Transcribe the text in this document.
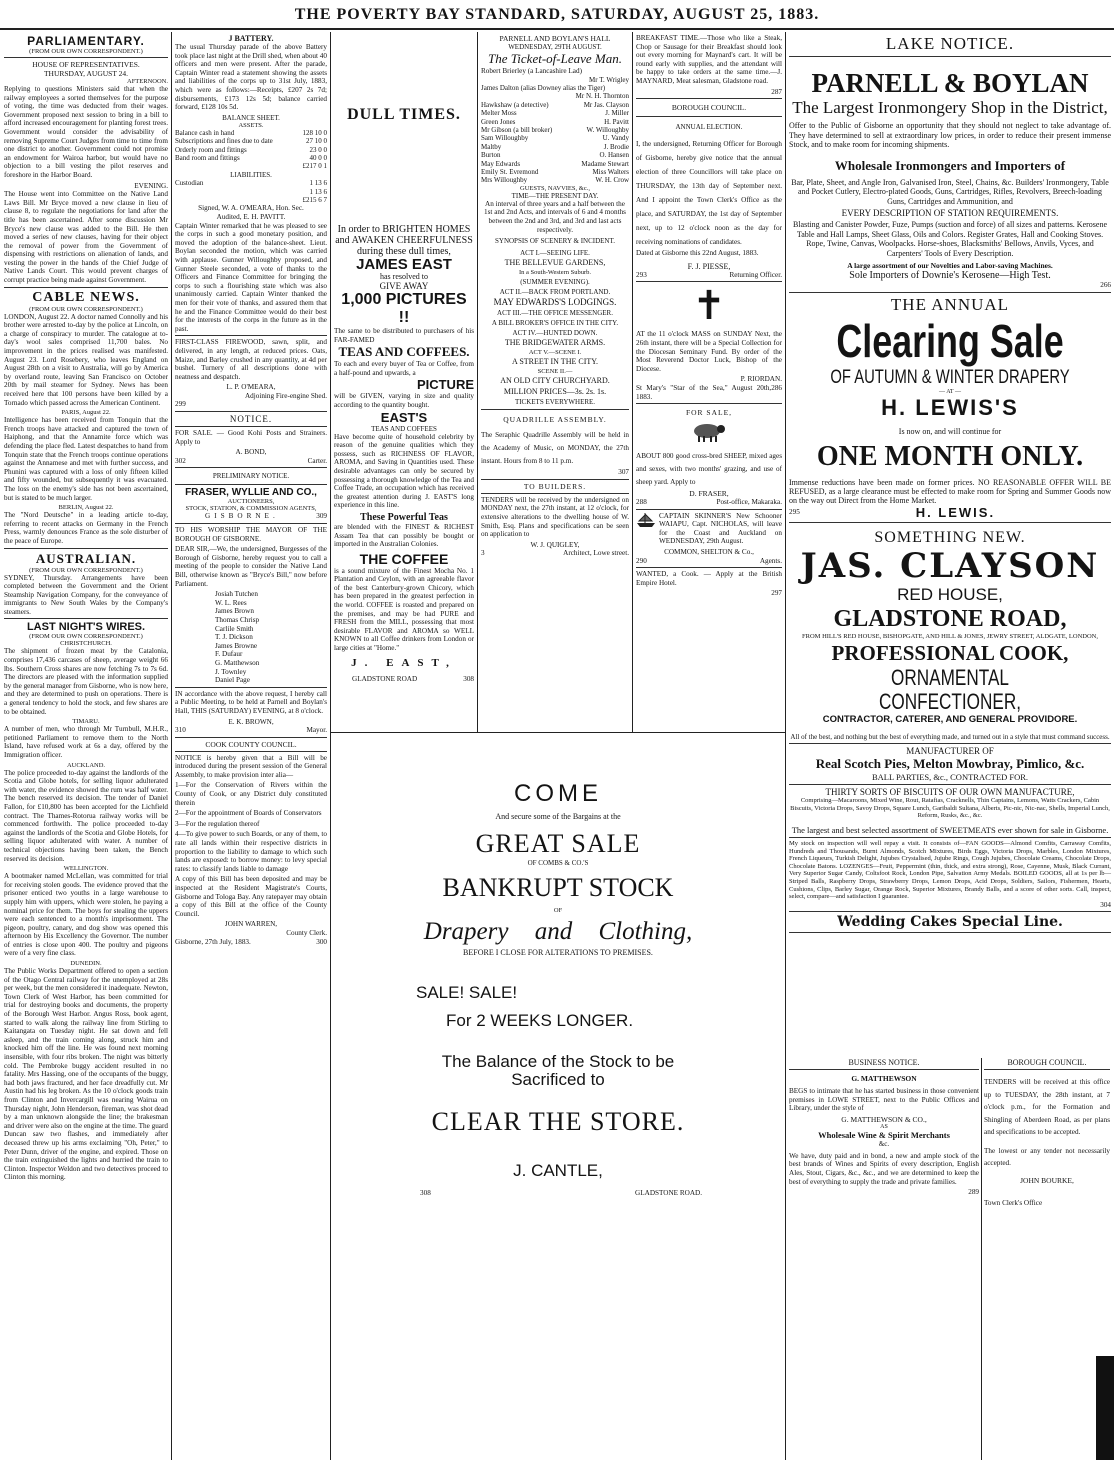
THE POVERTY BAY STANDARD, SATURDAY, AUGUST 25, 1883.
PARLIAMENTARY.
(FROM OUR OWN CORRESPONDENT.)
HOUSE OF REPRESENTATIVES.
THURSDAY, AUGUST 24.
AFTERNOON.
Replying to questions Ministers said that when the railway employees a sorted themselves for the purpose of voting, the time was deducted from their wages. Government proposed next session to bring in a bill to afford increased encouragement for planting forest trees. Government would consider the advisability of removing Supreme Court Judges from time to time from one district to another. Government could not promise an endowment for Wairoa harbor, but would have no objection to a bill vesting the pilot reserves and foreshore in the Harbor Board.
EVENING.
The House went into Committee on the Native Land Laws Bill. Mr Bryce moved a new clause in lieu of clause 8, to regulate the negotiations for land after the title has been ascertained. After some discussion Mr Bryce's new clause was added to the Bill. He then moved a series of new clauses, having for their object the removal of power from the Government of dispensing with restrictions on alienation of lands, and vesting the power in the hands of the Chief Judge of Native Lands Court. This would prevent charges of corrupt practice being made against Government.
CABLE NEWS.
(FROM OUR OWN CORRESPONDENT.)
LONDON, August 22. A doctor named Connolly and his brother were arrested to-day by the police at Lincoln, on a charge of conspiracy to murder. The catalogue at to-day's wool sales comprised 11,700 bales. No improvement in the prices realised was manifested. August 23. Lord Rosebery, who leaves England on August 28th on a visit to Australia, will go by America by overland route, leaving San Francisco on October 20th by mail steamer for Sydney. News has been received here that 100 persons have been killed by a Tornado which passed across the American Continent.
PARIS, August 22.
Intelligence has been received from Tonquin that the French troops have attacked and captured the town of Haiphong, and that the Annamite force which was defending the place fled. Latest despatches to hand from Tonquin state that the French troops continue operations against the Annamese and met with further success, and Phunini was captured with a loss of only fifteen killed and fifty wounded, but subsequently it was evacuated. The loss on the enemy's side has not been ascertained, but is stated to be much larger.
BERLIN, August 22.
The "Nord Deutsche" in a leading article to-day, referring to recent attacks on Germany in the French Press, warmly denounces France as the sole disturber of the peace of Europe.
AUSTRALIAN.
(FROM OUR OWN CORRESPONDENT.)
SYDNEY, Thursday. Arrangements have been completed between the Government and the Orient Steamship Navigation Company, for the conveyance of immigrants to New South Wales by the Company's steamers.
LAST NIGHT'S WIRES.
(FROM OUR OWN CORRESPONDENT.)
CHRISTCHURCH.
The shipment of frozen meat by the Catalonia, comprises 17,436 carcases of sheep, average weight 66 lbs. Southern Cross shares are now fetching 7s to 7s 6d. The directors are pleased with the information supplied by the general manager from Gisborne, who is now here, and they are determined to push on operations. There is a general tendency to hold the stock, and few shares are to be obtained.
TIMARU.
A number of men, who through Mr Turnbull, M.H.R., petitioned Parliament to remove them to the North Island, have refused work at 6s a day, offered by the Immigration officer.
AUCKLAND.
The police proceeded to-day against the landlords of the Scotia and Globe hotels, for selling liquor adulterated with water, the evidence showed the rum was half water. The bench reserved its decision. The tender of Daniel Fallon, for £10,800 has been accepted for the Lichfield contract. The Thames-Rotorua railway works will be commenced forthwith. The police proceeded to-day against the landlords of the Scotia and Globe Hotels, for selling liquor adulterated with water. A number of technical objections having been taken, the Bench reserved its decision.
WELLINGTON.
A bootmaker named McLellan, was committed for trial for receiving stolen goods. The evidence proved that the prisoner enticed two youths in a large warehouse to supply him with uppers, which were stolen, he paying a nominal price for them. The boys for stealing the uppers were each sentenced to a month's imprisonment. The pigeon, poultry, canary, and dog show was opened this afternoon by His Excellency the Governor. The number of entries is close upon 400. The poultry and pigeons were of a very fine class.
DUNEDIN.
The Public Works Department offered to open a section of the Otago Central railway for the unemployed at 28s per week, but the men considered it inadequate. Newton, Town Clerk of West Harbor, has been committed for trial for destroying books and documents, the property of the Borough West Harbor. Angus Ross, book agent, started to walk along the railway line from Stirling to Kaitangata on Tuesday night. He sat down and fell asleep, and the train coming along, struck him and knocked him off the line. He was found next morning insensible, with four ribs broken. The night was bitterly cold. The Pembroke buggy accident resulted in no fatality. Mrs Hassing, one of the occupants of the buggy, had both jaws fractured, and her face dreadfully cut. Mr Austin had his leg broken. As the 10 o'clock goods train from Clinton and Invercargill was nearing Wairua on Thursday night, John Henderson, fireman, was shot dead by a man unknown alongside the line; the brakesman and driver were also on the engine at the time. The guard Duncan saw two flashes, and immediately after deceased threw up his arms exclaiming "Oh, Peter," to Peter Dunn, driver of the engine, and expired. Those on the train extinguished the lights and hurried the train to Clinton. Inspector Weldon and two detectives proceed to Clinton this morning.
J BATTERY.
The usual Thursday parade of the above Battery took place last night at the Drill shed, when about 40 officers and men were present. After the parade, Captain Winter read a statement showing the assets and liabilities of the corps up to 31st July, 1883, which were as follows:—Receipts, £207 2s 7d; disbursements, £173 12s 5d; balance carried forward, £128 10s 5d.
BALANCE SHEET.
ASSETS.
Balance cash in hand	128 10 0
Subscriptions and fines due to date	27 10 0
Orderly room and fittings	23 0 0
Band room and fittings	40 0 0
	£217 0 1
LIABILITIES.	
Custodian	1 13 6
	1 13 6
	£215 6 7
Signed, W. A. O'MEARA, Hon. Sec.
Audited, E. H. PAVITT.
Captain Winter remarked that he was pleased to see the corps in such a good monetary position, and moved the adoption of the balance-sheet. Lieut. Boylan seconded the motion, which was carried with applause. Gunner Willoughby proposed, and Gunner Steele seconded, a vote of thanks to the Officers and Finance Committee for bringing the corps to such a flourishing state which was also unanimously carried. Captain Winter thanked the men for their vote of thanks, and assured them that he and the Finance Committee would do their best for the interests of the corps in the future as in the past.
FIRST-CLASS FIREWOOD, sawn, split, and delivered, in any length, at reduced prices. Oats, Maize, and Barley crushed in any quantity, at 4d per bushel. Turnery of all descriptions done with neatness and despatch.
L. P. O'MEARA,
Adjoining Fire-engine Shed.
299
NOTICE.
FOR SALE. — Good Kohi Posts and Strainers. Apply to
A. BOND,
302	Carter.
PRELIMINARY NOTICE.
FRASER, WYLLIE AND CO.,
AUCTIONEERS,
STOCK, STATION, & COMMISSION AGENTS,
GISBORNE.	309
TO HIS WORSHIP THE MAYOR OF THE BOROUGH OF GISBORNE.
DEAR SIR,—We, the undersigned, Burgesses of the Borough of Gisborne, hereby request you to call a meeting of the people to consider the Native Land Bill, otherwise known as "Bryce's Bill," now before Parliament.
Josiah Tutchen
W. L. Rees
James Brown
Thomas Chrisp
Carlile Smith
T. J. Dickson
James Browne
F. Dufaur
G. Matthewson
J. Townley
Daniel Page
IN accordance with the above request, I hereby call a Public Meeting, to be held at Parnell and Boylan's Hall, THIS (SATURDAY) EVENING, at 8 o'clock.
E. K. BROWN,
310	Mayor.
COOK COUNTY COUNCIL.
NOTICE is hereby given that a Bill will be introduced during the present session of the General Assembly, to make provision inter alia—
1—For the Conservation of Rivers within the County of Cook, or any District duly constituted therein
2—For the appointment of Boards of Conservators
3—For the regulation thereof
4—To give power to such Boards, or any of them, to rate all lands within their respective districts in proportion to the liability to damage to which such lands are exposed: to borrow money: to levy special rates: to classify lands liable to damage
A copy of this Bill has been deposited and may be inspected at the Resident Magistrate's Courts, Gisborne and Tologa Bay. Any ratepayer may obtain a copy of this Bill at the office of the County Council.
JOHN WARREN,
County Clerk.
Gisborne, 27th July, 1883.	300
DULL TIMES.
In order to BRIGHTEN HOMES and AWAKEN CHEERFULNESS during these dull times,
JAMES EAST
has resolved to
GIVE AWAY
1,000 PICTURES !!
The same to be distributed to purchasers of his FAR-FAMED
TEAS AND COFFEES.
To each and every buyer of Tea or Coffee, from a half-pound and upwards, a
PICTURE
will be GIVEN, varying in size and quality according to the quantity bought.
EAST'S
TEAS AND COFFEES
Have become quite of household celebrity by reason of the genuine qualities which they possess, such as RICHNESS OF FLAVOR, AROMA, and Saving in Quantities used. These desirable advantages can only be secured by possessing a thorough knowledge of the Tea and Coffee Trade, an occupation which has received the greatest attention during J. EAST'S long experience in this line.
These Powerful Teas
are blended with the FINEST & RICHEST Assam Tea that can possibly be bought or imported in the Australian Colonies.
THE COFFEE
is a sound mixture of the Finest Mocha No. 1 Plantation and Ceylon, with an agreeable flavor of the best Canterbury-grown Chicory, which has been prepared in the greatest perfection in the world. COFFEE is roasted and prepared on the premises, and may be had PURE and FRESH from the MILL, possessing that most desirable FLAVOR and AROMA so WELL KNOWN to all Coffee drinkers from London or large cities at "Home."
J. EAST,
GLADSTONE ROAD	308
PARNELL AND BOYLAN'S HALL
WEDNESDAY, 29TH AUGUST.
The Ticket-of-Leave Man.
Robert Brierley (a Lancashire Lad)
	Mr T. Wrigley
James Dalton (alias Downey alias the Tiger)	
	Mr N. H. Thornton
Hawkshaw (a detective)	Mr Jas. Clayson
Melter Moss	J. Miller
Green Jones	H. Pavitt
Mr Gibson (a bill broker)	W. Willoughby
Sam Willoughby	U. Vandy
Maltby	J. Brodie
Burton	O. Hansen
May Edwards	Madame Stewart
Emily St. Evremond	Miss Walters
Mrs Willoughby	W. H. Crow
GUESTS, NAVVIES, &c.,
TIME—THE PRESENT DAY.
An interval of three years and a half between the 1st and 2nd Acts, and intervals of 6 and 4 months between the 2nd and 3rd, and 3rd and last acts respectively.
SYNOPSIS OF SCENERY & INCIDENT.
ACT I.—SEEING LIFE.
THE BELLEVUE GARDENS,
In a South-Western Suburb.
(SUMMER EVENING).
ACT II.—BACK FROM PORTLAND.
MAY EDWARDS'S LODGINGS.
ACT III.—THE OFFICE MESSENGER.
A BILL BROKER'S OFFICE IN THE CITY.
ACT IV.—HUNTED DOWN.
THE BRIDGEWATER ARMS.
ACT V.—SCENE I.
A STREET IN THE CITY.
SCENE II.—
AN OLD CITY CHURCHYARD.
MILLION PRICES—3s. 2s. 1s.
TICKETS EVERYWHERE.
QUADRILLE ASSEMBLY.
The Seraphic Quadrille Assembly will be held in the Academy of Music, on MONDAY, the 27th instant. Hours from 8 to 11 p.m.
307
TO BUILDERS.
TENDERS will be received by the undersigned on MONDAY next, the 27th instant, at 12 o'clock, for extensive alterations to the dwelling house of W. Smith, Esq. Plans and specifications can be seen on application to
W. J. QUIGLEY,
3	Architect, Lowe street.
BREAKFAST TIME.—Those who like a Steak, Chop or Sausage for their Breakfast should look out every morning for Maynard's cart. It will be round early with supplies, and the attendant will be happy to take orders at the same time.—J. MAYNARD, Meat salesman, Gladstone road.
287
BOROUGH COUNCIL.
ANNUAL ELECTION.
I, the undersigned, Returning Officer for Borough of Gisborne, hereby give notice that the annual election of three Councillors will take place on THURSDAY, the 13th day of September next. And I appoint the Town Clerk's Office as the place, and SATURDAY, the 1st day of September next, up to 12 o'clock noon as the day for receiving nominations of candidates.
Dated at Gisborne this 22nd August, 1883.
F. J. PIESSE,
293	Returning Officer.
✝
AT the 11 o'clock MASS on SUNDAY Next, the 26th instant, there will be a Special Collection for the Diocesan Seminary Fund. By order of the Most Reverend Doctor Luck, Bishop of the Diocese.
P. RIORDAN.
St Mary's "Star of the Sea," August 20th, 1883.
286
FOR SALE,
ABOUT 800 good cross-bred SHEEP, mixed ages and sexes, with two months' grazing, and use of sheep yard. Apply to
D. FRASER,
288	Post-office, Makaraka.
CAPTAIN SKINNER'S New Schooner WAIAPU, Capt. NICHOLAS, will leave for the Coast and Auckland on WEDNESDAY, 29th August.
COMMON, SHELTON & Co.,
290	Agents.
WANTED, a Cook. — Apply at the British Empire Hotel.
297
LAKE NOTICE.
PARNELL & BOYLAN
The Largest Ironmongery Shop in the District,
Offer to the Public of Gisborne an opportunity that they should not neglect to take advantage of. They have determined to sell at extraordinary low prices, in order to reduce their present immense Stock, and to make room for incoming shipments.
Wholesale Ironmongers and Importers of
Bar, Plate, Sheet, and Angle Iron, Galvanised Iron, Steel, Chains, &c. Builders' Ironmongery, Table and Pocket Cutlery, Electro-plated Goods, Guns, Cartridges, Rifles, Revolvers, Breech-loading Guns, Cartridges and Ammunition, and
EVERY DESCRIPTION OF STATION REQUIREMENTS.
Blasting and Canister Powder, Fuze, Pumps (suction and force) of all sizes and patterns. Kerosene Table and Hall Lamps, Sheet Glass, Oils and Colors. Register Grates, Hall and Cooking Stoves. Rope, Twine, Canvas, Woolpacks. Horse-shoes, Blacksmiths' Bellows, Anvils, Vyces, and Carpenters' Tools of Every Description.
A large assortment of our Novelties and Labor-saving Machines.
Sole Importers of Downie's Kerosene—High Test.
266
THE ANNUAL
Clearing Sale
OF AUTUMN & WINTER DRAPERY
— AT —
H. LEWIS'S
Is now on, and will continue for
ONE MONTH ONLY.
Immense reductions have been made on former prices. NO REASONABLE OFFER WILL BE REFUSED, as a large clearance must be effected to make room for Spring and Summer Goods now on the way out Direct from the Home Market.
295	H. LEWIS.
SOMETHING NEW.
JAS. CLAYSON
RED HOUSE,
GLADSTONE ROAD,
FROM HILL'S RED HOUSE, BISHOPGATE, AND HILL & JONES, JEWRY STREET, ALDGATE, LONDON,
PROFESSIONAL COOK,
ORNAMENTAL CONFECTIONER,
CONTRACTOR, CATERER, AND GENERAL PROVIDORE.
All of the best, and nothing but the best of everything made, and turned out in a style that must command success.
MANUFACTURER OF
Real Scotch Pies, Melton Mowbray, Pimlico, &c.
BALL PARTIES, &c., CONTRACTED FOR.
THIRTY SORTS OF BISCUITS OF OUR OWN MANUFACTURE,
Comprising—Macaroons, Mixed Wine, Rout, Ratafias, Cracknells, Thin Captains, Lemons, Watts Crackers, Cabin Biscuits, Victoria Drops, Savoy Drops, Square Lunch, Garibaldi Sultana, Alberts, Pic-nic, Nic-nac, Shells, Imperial Lunch, Reform, Rusks, &c., &c.
The largest and best selected assortment of SWEETMEATS ever shown for sale in Gisborne.
My stock on inspection will well repay a visit. It consists of—FAN GOODS—Almond Comfits, Carraway Comfits, Hundreds and Thousands, Burnt Almonds, Scotch Mixtures, Birds Eggs, Victoria Drops, Marbles, London Mixtures, French Liqueurs, Turkish Delight, Jujubes Crystalised, Jujube Rings, Cough Jujubes, Chocolate Creams, Chocolate Drops, Chocolate Batons. LOZENGES—Fruit, Peppermint (thin, thick, and extra strong), Rose, Cayenne, Musk, Black Currant, Very Superior Sugar Candy, Coltsfoot Rock, London Pipe, Salvation Army Medals. BOILED GOODS, all at 1s per lb—Striped Balls, Raspberry Drops, Strawberry Drops, Lemon Drops, Acid Drops, Soldiers, Sailors, Fishermen, Hearts, Cushions, Clips, Barley Sugar, Orange Rock, Superior Mixtures, Brandy Balls, and a score of other sorts. Call, inspect, select, compare—and satisfaction I guarantee.
304
Wedding Cakes Special Line.
COME
And secure some of the Bargains at the
GREAT SALE
OF COMBS & CO.'S
BANKRUPT STOCK
OF
Drapery and Clothing,
BEFORE I CLOSE FOR ALTERATIONS TO PREMISES.
SALE! SALE!
For 2 WEEKS LONGER.
The Balance of the Stock to be Sacrificed to
CLEAR THE STORE.
J. CANTLE,
308	GLADSTONE ROAD.
BUSINESS NOTICE.
G. MATTHEWSON
BEGS to intimate that he has started business in those convenient premises in LOWE STREET, next to the Public Offices and Library, under the style of
G. MATTHEWSON & CO.,
AS
Wholesale Wine & Spirit Merchants
&c.
We have, duty paid and in bond, a new and ample stock of the best brands of Wines and Spirits of every description, English Ales, Stout, Cigars, &c., &c., and we are determined to keep the best of everything to supply the trade and private families.
289
BOROUGH COUNCIL.
TENDERS will be received at this office up to TUESDAY, the 28th instant, at 7 o'clock p.m., for the Formation and Shingling of Aberdeen Road, as per plans and specifications to be accepted.
The lowest or any tender not necessarily accepted.
JOHN BOURKE,
Town Clerk's Office
